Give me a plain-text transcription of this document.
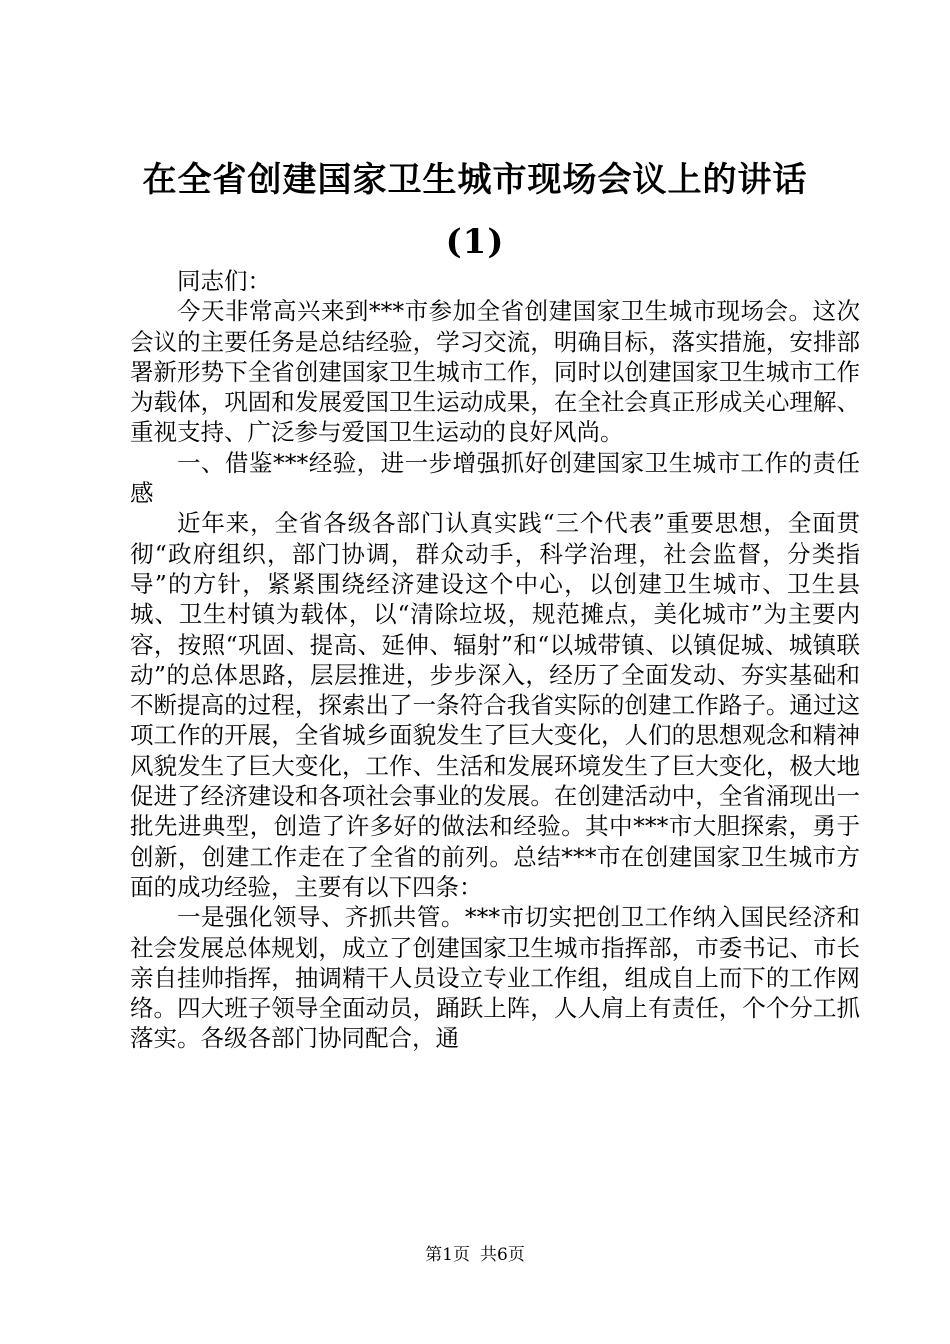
在全省创建国家卫生城市现场会议上的讲话
(1)

同志们：

今天非常高兴来到***市参加全省创建国家卫生城市现场会。这次会议的主要任务是总结经验，学习交流，明确目标，落实措施，安排部署新形势下全省创建国家卫生城市工作，同时以创建国家卫生城市工作为载体，巩固和发展爱国卫生运动成果，在全社会真正形成关心理解、重视支持、广泛参与爱国卫生运动的良好风尚。

一、借鉴***经验，进一步增强抓好创建国家卫生城市工作的责任感

近年来，全省各级各部门认真实践“三个代表”重要思想，全面贯彻“政府组织，部门协调，群众动手，科学治理，社会监督，分类指导”的方针，紧紧围绕经济建设这个中心，以创建卫生城市、卫生县城、卫生村镇为载体，以“清除垃圾，规范摊点，美化城市”为主要内容，按照“巩固、提高、延伸、辐射”和“以城带镇、以镇促城、城镇联动”的总体思路，层层推进，步步深入，经历了全面发动、夯实基础和不断提高的过程，探索出了一条符合我省实际的创建工作路子。通过这项工作的开展，全省城乡面貌发生了巨大变化，人们的思想观念和精神风貌发生了巨大变化，工作、生活和发展环境发生了巨大变化，极大地促进了经济建设和各项社会事业的发展。在创建活动中，全省涌现出一批先进典型，创造了许多好的做法和经验。其中***市大胆探索，勇于创新，创建工作走在了全省的前列。总结***市在创建国家卫生城市方面的成功经验，主要有以下四条：

一是强化领导、齐抓共管。***市切实把创卫工作纳入国民经济和社会发展总体规划，成立了创建国家卫生城市指挥部，市委书记、市长亲自挂帅指挥，抽调精干人员设立专业工作组，组成自上而下的工作网络。四大班子领导全面动员，踊跃上阵，人人肩上有责任，个个分工抓落实。各级各部门协同配合，通

第1页 共6页
